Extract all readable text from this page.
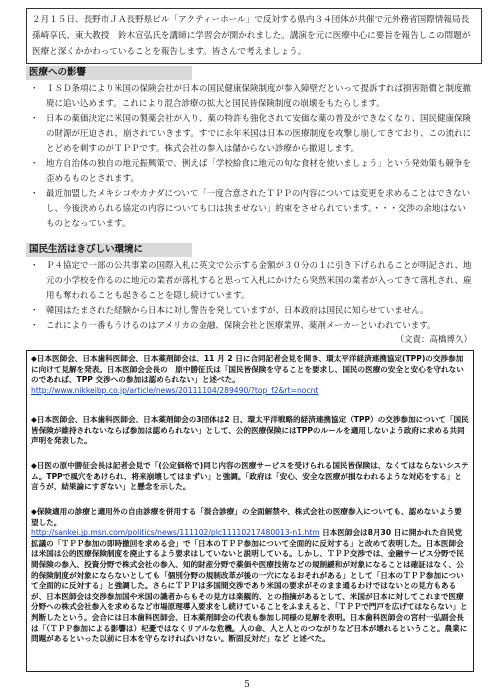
２月１５日、長野市ＪＡ長野県ビル「アクティーホール」で反対する県内３４団体が共催で元外務省国際情報局長　孫崎享氏、東大教授　鈴木宣弘氏を講師に学習会が開かれました。講演を元に医療中心に要旨を報告しこの問題が医療と深くかかわっていることを報告します。皆さんで考えましょう。
医療への影響
・ ＩＳＤ条項により米国の保険会社が日本の国民健康保険制度が参入障壁だといって提訴すれば損害賠償と制度撤廃に追い込めます。これにより混合診療の拡大と国民皆保険制度の崩壊をもたらします。
・ 日本の薬価決定に米国の製薬会社が入り、薬の特許も強化されて安価な薬の普及ができなくなり、国民健康保険の財源が圧迫され、崩されていきます。すでに永年米国は日本の医療制度を攻撃し崩してきており、この流れにとどめを刺すのがＴＰＰです。株式会社の参入は儲からない診療から撤退します。
・ 地方自治体の独自の地元振興策で、例えば「学校給食に地元の旬な食材を使いましょう」という発効策も競争を歪めるものとされます。
・ 最近加盟したメキシコやカナダについて「一度合意されたＴＰＰの内容については変更を求めることはできないし、今後決められる協定の内容についても口は挟ませない」約束をさせられています。・・・交渉の余地はないものとなっています。
国民生活はきびしい環境に
・ Ｐ４協定で一部の公共事業の国際入札に英文で公示する金額が３０分の１に引き下げられることが明記され、地元の小学校を作るのに地元の業者が落札すると思って入札にかけたら突然米国の業者が入ってきて落札され、雇用も奪われることも起きることを隠し続けています。
・ 韓国はたまされた経験から日本に対し警告を発していますが、日本政府は国民に知らせていません。
・ これにより一番もうけるのはアメリカの金融、保険会社と医療業界、薬剤メーカーといわれています。
（文責：高橋博久）

◆日本医師会、日本歯科医師会、日本薬剤師会は、11 月 2 日に合同記者会見を開き、環太平洋経済連携協定(TPP)の交渉参加に向けて見解を発表。日本医師会会長の　原中勝征氏は「国民皆保険を守ることを要求し、国民の医療の安全と安心を守れないのであれば、TPP 交渉への参加は認められない」と述べた。

http://www.nikkeibp.co.jp/article/news/20111104/289490/?top_f2&rt=nocnt

◆日本医師会、日本歯科医師会、日本薬剤師会の3団体は2 日、環太平洋戦略的経済連携協定（TPP）の交渉参加について「国民皆保険が維持されないならば参加は認められない」として、公的医療保険にはTPPのルールを適用しないよう政府に求める共同声明を発表した。

◆日医の原中勝征会長は記者会見で「(公定価格で)同じ内容の医療サービスを受けられる国民皆保険は、なくてはならないシステム。TPPで風穴をあけられ、将来崩壊してはまずい」と強調。「政府は「安心、安全な医療が損なわれるような対応をする」と言うが、結果論にすぎない」と懸念を示した。

◆保険適用の診療と適用外の自由診療を併用する「混合診療」の全面解禁や、株式会社の医療参入についても、認めないよう要望した。

http://sankei.jp.msn.com/politics/news/111102/plc11110217480013-n1.htm 日本医師会は8月30 日に開かれた自民党拡議の「ＴＰＰ参加の即時撤回を求める会」で「日本のＴＰＰ参加について全面的に反対する」と改めて表明した。日本医師会は米国は公的医療保険制度を廃止するよう要求はしていないと説明している。しかし、ＴＰＰ交渉では、金融サービス分野で民間保険の参入、投資分野で株式会社の参入、知的財産分野で薬価や医療技術などの規制緩和が対象になることは確証はなく、公的保険制度が対象にならないとしても「個別分野の規制改革が後の一穴になるおそれがある」として「日本のＴＰＰ参加について全面的に反対する」と強調した。さらにＴＰＰは多国間交渉であり米国の要求がそのまま通るわけではないとの見方もあるが、日本医師会は交渉参加国や米国の識者からもその見方は楽観的、との指摘があるとして、米国が日本に対してこれまで医療分野への株式会社参入を求めるなど市場原理導入要求をし続けていることをふまえると、「ＴＰＰで門戸を広げてはならない」と判断したという。会合には日本歯科医師会、日本薬剤師会の代表も参加し同様の見解を表明。日本歯科医師会の宮村一弘副会長は「（ＴＰＰ参加による影響は）杞憂ではなくリアルな危機。人の命、人と人とのつながりなど日本が壊れるということ。農業に問題があるといった以前に日本を守らなければいけない。断固反対だ」など と述べた。

5
